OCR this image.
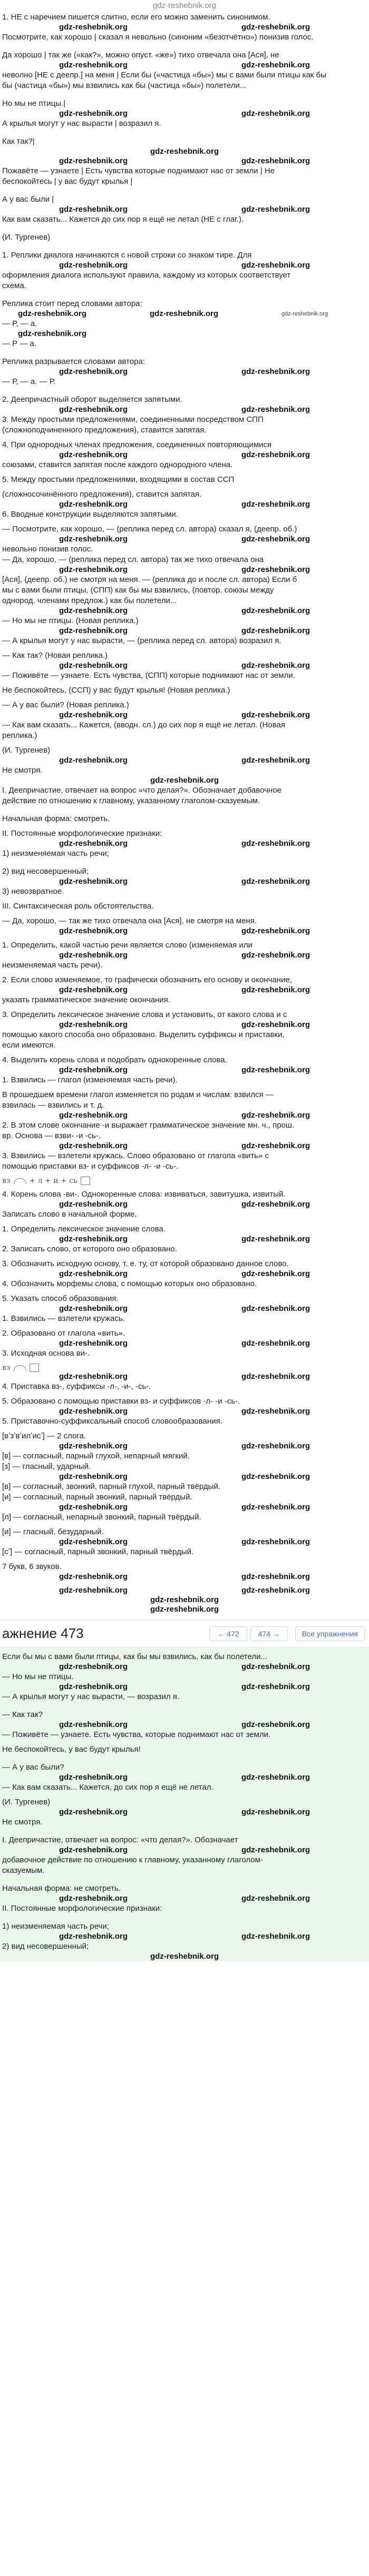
gdz-reshebnik.org

1. НЕ с наречием пишется слитно, если его можно заменить синонимом.

gdz-reshebnik.org	gdz-reshebnik.org

Посмотрите, как хорошо | сказал я невольно (синоним «безотчётно») понизив голос.

Да хорошо | так же («как?», можно опуст. «же») тихо отвечала она [Ася], не

gdz-reshebnik.org	gdz-reshebnik.org

неволно [НЕ с деепр.] на меня | Если бы («частица «бы») мы с вами были птицы как бы

бы (частица «бы») мы взвились как бы (частица «бы») полетели...

Но мы не птицы.|

gdz-reshebnik.org	gdz-reshebnik.org

А крылья могут у нас вырасти | возразил я.

Как так?|

gdz-reshebnik.org
gdz-reshebnik.org	gdz-reshebnik.org

Пожавёте — узнаете | Есть чувства которые поднимают нас от земли | Не

беспокойтесь | у вас будут крылья |

А у вас были |

gdz-reshebnik.org	gdz-reshebnik.org

Как вам сказать... Кажется до сих пор я ещё не летал (НЕ с глаг.).

(И. Тургенев)

1. Реплики диалога начинаются с новой строки со знаком тире. Для

gdz-reshebnik.org	gdz-reshebnik.org

оформления диалога используют правила, каждому из которых соответствует

схема.

Реплика стоит перед словами автора:

gdz-reshebnik.org	gdz-reshebnik.org	gdz-reshebnik.org

— Р, — а.

gdz-reshebnik.org

— Р — а.

Реплика разрывается словами автора:

gdz-reshebnik.org	gdz-reshebnik.org

— Р, — а. — Р.

2. Деепричастный оборот выделяется запятыми.

gdz-reshebnik.org	gdz-reshebnik.org

3. Между простыми предложениями, соединенными посредством СПП

(сложноподчиненного предложения), ставится запятая.

4. При однородных членах предложения, соединенных повторяющимися

gdz-reshebnik.org	gdz-reshebnik.org

союзами, ставится запятая после каждого однородного члена.

5. Между простыми предложениями, входящими в состав ССП

(сложносочинённого предложения), ставится запятая.

gdz-reshebnik.org	gdz-reshebnik.org

6. Вводные конструкции выделяются запятыми.

— Посмотрите, как хорошо, — (реплика перед сл. автора) сказал я, (деепр. об.)

gdz-reshebnik.org	gdz-reshebnik.org

невольно понизив голос.

— Да, хорошо, — (реплика перед сл. автора) так же тихо отвечала она

gdz-reshebnik.org	gdz-reshebnik.org

[Ася], (деепр. об.) не смотря на меня. — (реплика до и после сл. автора) Если б

мы с вами были птицы, (СПП) как бы мы взвились, (повтор. союзы между

однород. членами предлож.) как бы полетели...

gdz-reshebnik.org	gdz-reshebnik.org

— Но мы не птицы. (Новая реплика.)

gdz-reshebnik.org	gdz-reshebnik.org

— А крылья могут у нас вырасти, — (реплика перед сл. автора) возразил я.

— Как так? (Новая реплика.)

gdz-reshebnik.org	gdz-reshebnik.org

— Поживёте — узнаете. Есть чувства, (СПП) которые поднимают нас от земли.

Не беспокойтесь, (ССП) у вас будут крылья! (Новая реплика.)

— А у вас были? (Новая реплика.)

gdz-reshebnik.org	gdz-reshebnik.org

— Как вам сказать... Кажется, (вводн. сл.) до сих пор я ещё не летал. (Новая

реплика.)

(И. Тургенев)

gdz-reshebnik.org	gdz-reshebnik.org

Не смотря.

gdz-reshebnik.org

I. Деепричастие, отвечает на вопрос «что делая?». Обозначает добавочное

действие по отношению к главному, указанному глаголом-сказуемым.

Начальная форма: смотреть.

II. Постоянные морфологические признаки:

gdz-reshebnik.org	gdz-reshebnik.org

1) неизменяемая часть речи;

2) вид несовершенный;

gdz-reshebnik.org	gdz-reshebnik.org

3) невозвратное.

III. Синтаксическая роль обстоятельства.

— Да, хорошо, — так же тихо отвечала она [Ася], не смотря на меня.

gdz-reshebnik.org	gdz-reshebnik.org

1. Определить, какой частью речи является слово (изменяемая или

gdz-reshebnik.org	gdz-reshebnik.org

неизменяемая часть речи).

2. Если слово изменяемое, то графически обозначить его основу и окончание,

gdz-reshebnik.org	gdz-reshebnik.org

указать грамматическое значение окончания.

3. Определить лексическое значение слова и установить, от какого слова и с

gdz-reshebnik.org	gdz-reshebnik.org

помощью какого способа оно образовано. Выделить суффиксы и приставки,

если имеются.

4. Выделить корень слова и подобрать однокоренные слова.

gdz-reshebnik.org	gdz-reshebnik.org

1. Взвились — глагол (изменяемая часть речи).

В прошедшем времени глагол изменяется по родам и числам: взвился —

взвилась — взвились и т. д.

gdz-reshebnik.org	gdz-reshebnik.org

2. В этом слове окончание -и выражает грамматическое значение мн. ч., прош.

вр. Основа — взви- -и -сь-.

gdz-reshebnik.org	gdz-reshebnik.org

3. Взвились — взлетели кружась. Слово образовано от глагола «вить» с

помощью приставки вз- и суффиксов -л- -и -сь-.

вз	+ л + и + сь

4. Корень слова -ви-. Однокоренные слова: извиваться, завитушка, извитый.

gdz-reshebnik.org	gdz-reshebnik.org

Записать слово в начальной форме.

1. Определить лексическое значение слова.

gdz-reshebnik.org	gdz-reshebnik.org

2. Записать слово, от которого оно образовано.

3. Обозначить исходную основу, т. е. ту, от которой образовано данное слово.

gdz-reshebnik.org	gdz-reshebnik.org

4. Обозначить морфемы слова, с помощью которых оно образовано.

5. Указать способ образования.

gdz-reshebnik.org	gdz-reshebnik.org

1. Взвились — взлетели кружась.

2. Образовано от глагола «вить».

gdz-reshebnik.org	gdz-reshebnik.org

3. Исходная основа ви-.

вз
gdz-reshebnik.org	gdz-reshebnik.org

4. Приставка вз-, суффиксы -л-, -и-, -сь-.

5. Образовано с помощью приставки вз- и суффиксов -л- -и -сь-.

gdz-reshebnik.org	gdz-reshebnik.org

5. Приставочно-суффиксальный способ словообразования.

[вʼзʼвʼилʼисʼ] — 2 слога.

gdz-reshebnik.org	gdz-reshebnik.org

[в] — согласный, парный глухой, непарный мягкий.

[з] — гласный, ударный.

gdz-reshebnik.org	gdz-reshebnik.org

[в] — согласный, звонкий, парный глухой, парный твёрдый.

[и] — согласный, парный звонкий, парный твёрдый.

gdz-reshebnik.org	gdz-reshebnik.org

[л] — согласный, непарный звонкий, парный твёрдый.

[и] — гласный, безударный.

gdz-reshebnik.org	gdz-reshebnik.org

[сʼ] — согласный, парный звонкий, парный твёрдый.

7 букв, 6 звуков.

gdz-reshebnik.org	gdz-reshebnik.org

gdz-reshebnik.org	gdz-reshebnik.org

gdz-reshebnik.org

gdz-reshebnik.org
ажнение 473	← 472	474 →	Все упражнения

Если бы мы с вами были птицы, как бы мы взвились, как бы полетели...

gdz-reshebnik.org	gdz-reshebnik.org

— Но мы не птицы.

gdz-reshebnik.org	gdz-reshebnik.org

— А крылья могут у нас вырасти, — возразил я.

— Как так?

gdz-reshebnik.org	gdz-reshebnik.org

— Поживёте — узнаете. Есть чувства, которые поднимают нас от земли.

Не беспокойтесь, у вас будут крылья!

— А у вас были?

gdz-reshebnik.org	gdz-reshebnik.org

— Как вам сказать... Кажется, до сих пор я ещё не летал.

(И. Тургенев)

gdz-reshebnik.org	gdz-reshebnik.org

Не смотря.

I. Деепричастие, отвечает на вопрос: «что делая?». Обозначает

gdz-reshebnik.org	gdz-reshebnik.org

добавочное действие по отношению к главному, указанному глаголом-

сказуемым.

Начальная форма: не смотреть.

gdz-reshebnik.org	gdz-reshebnik.org

II. Постоянные морфологические признаки:

1) неизменяемая часть речи;

gdz-reshebnik.org	gdz-reshebnik.org

2) вид несовершенный;

gdz-reshebnik.org
